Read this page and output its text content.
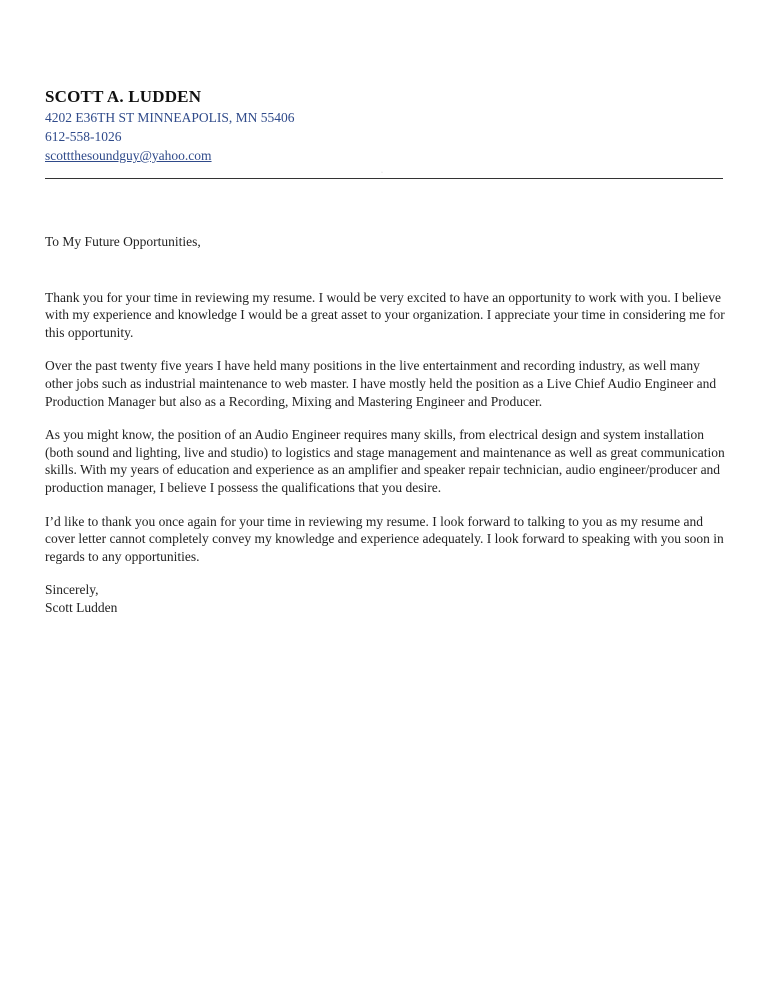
SCOTT A. LUDDEN

4202 E36TH ST MINNEAPOLIS, MN 55406

612-558-1026

scottthesoundguy@yahoo.com

·

To My Future Opportunities,

Thank you for your time in reviewing my resume. I would be very excited to have an opportunity to work with you. I believe with my experience and knowledge I would be a great asset to your organization. I appreciate your time in considering me for this opportunity.

Over the past twenty five years I have held many positions in the live entertainment and recording industry, as well many other jobs such as industrial maintenance to web master. I have mostly held the position as a Live Chief Audio Engineer and Production Manager but also as a Recording, Mixing and Mastering Engineer and Producer.

As you might know, the position of an Audio Engineer requires many skills, from electrical design and system installation (both sound and lighting, live and studio) to logistics and stage management and maintenance as well as great communication skills. With my years of education and experience as an amplifier and speaker repair technician, audio engineer/producer and production manager, I believe I possess the qualifications that you desire.

I’d like to thank you once again for your time in reviewing my resume. I look forward to talking to you as my resume and cover letter cannot completely convey my knowledge and experience adequately. I look forward to speaking with you soon in regards to any opportunities.

Sincerely,

Scott Ludden
